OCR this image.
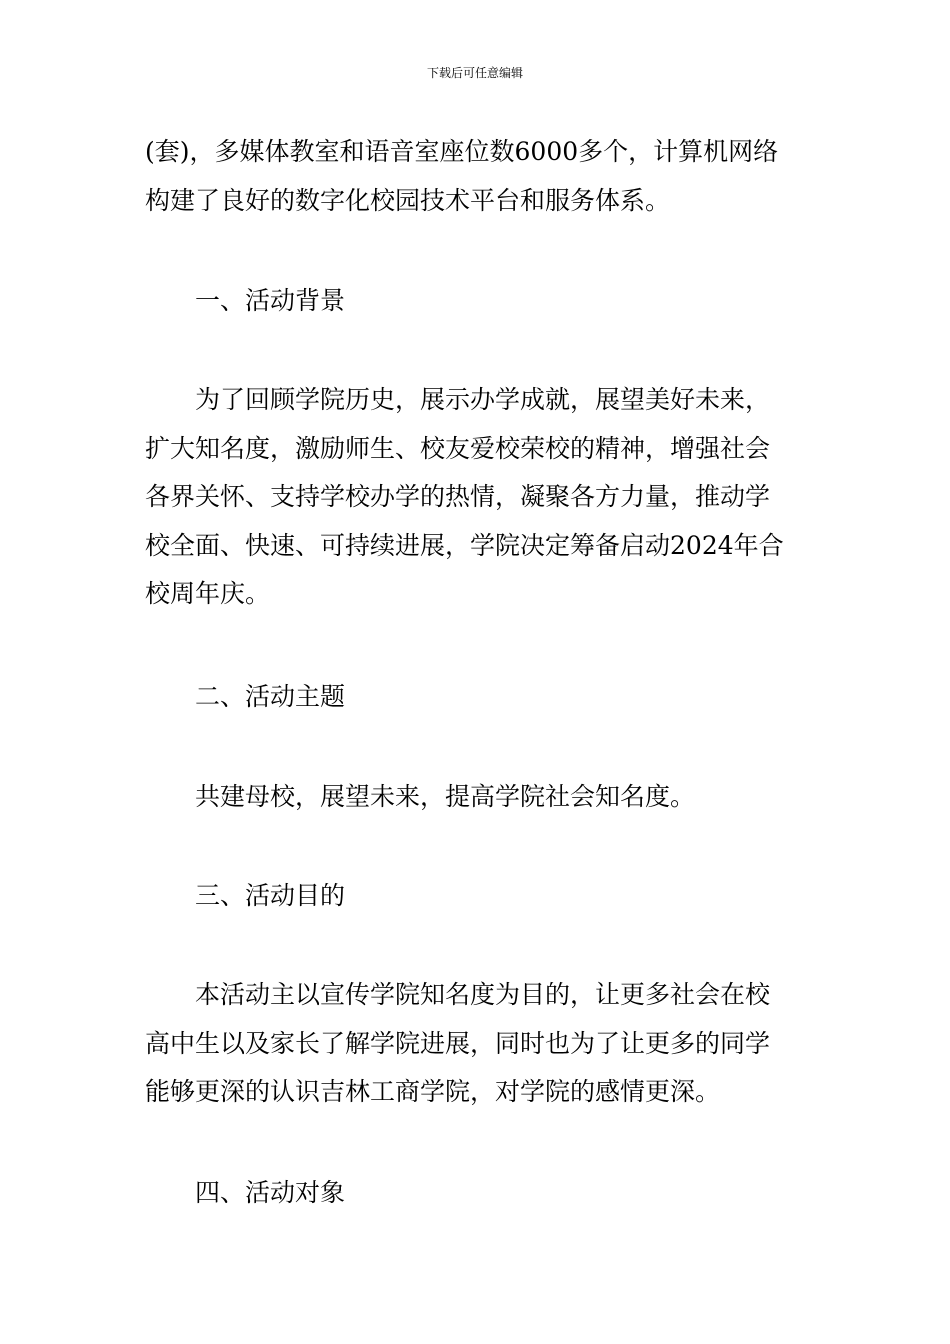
下载后可任意编辑
(套)，多媒体教室和语音室座位数6000多个，计算机网络
构建了良好的数字化校园技术平台和服务体系。
一、活动背景
为了回顾学院历史，展示办学成就，展望美好未来，
扩大知名度，激励师生、校友爱校荣校的精神，增强社会
各界关怀、支持学校办学的热情，凝聚各方力量，推动学
校全面、快速、可持续进展，学院决定筹备启动2024年合
校周年庆。
二、活动主题
共建母校，展望未来，提高学院社会知名度。
三、活动目的
本活动主以宣传学院知名度为目的，让更多社会在校
高中生以及家长了解学院进展，同时也为了让更多的同学
能够更深的认识吉林工商学院，对学院的感情更深。
四、活动对象
